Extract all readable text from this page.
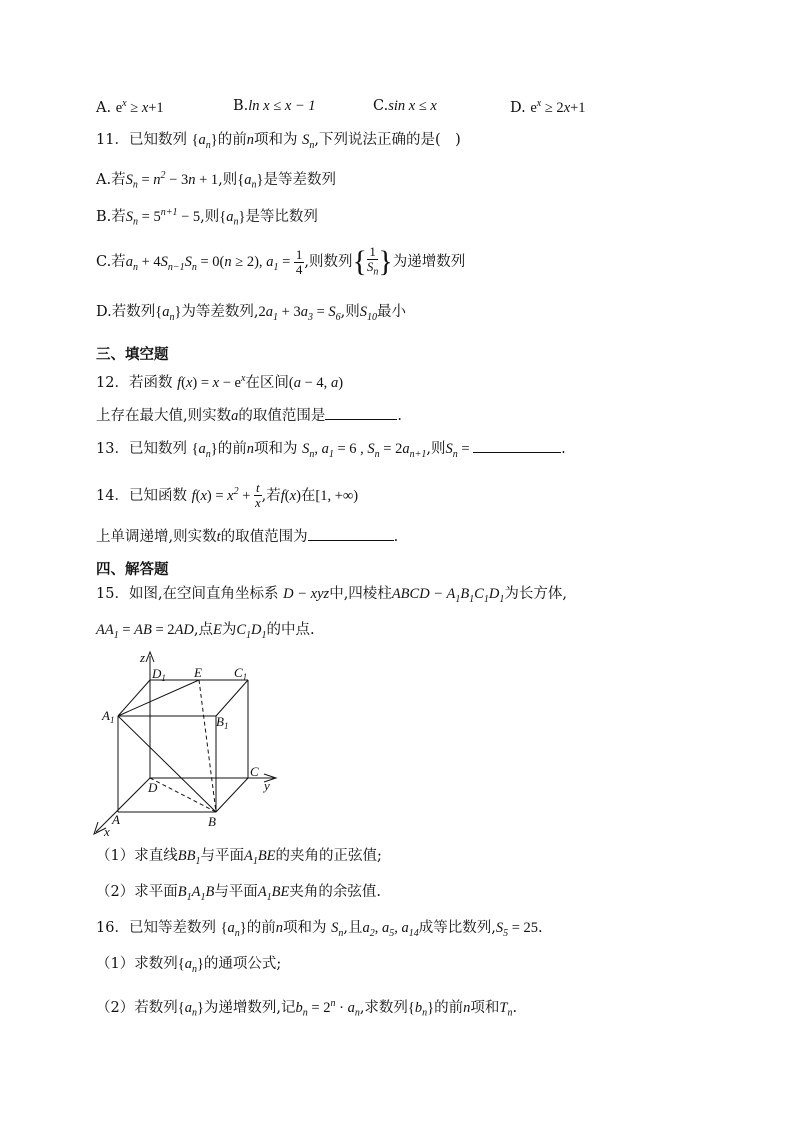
A. $e^x \ge x+1$	B.ln x ≤ x − 1	C.sin x ≤ x	D. $e^x \ge 2x+1$
11．已知数列 $\{a_n\}$的前n项和为 $S_n$,下列说法正确的是(　)
A.若$S_n = n^2 - 3n + 1$,则$\{a_n\}$是等差数列
B.若$S_n = 5^{n+1} - 5$,则$\{a_n\}$是等比数列
C.若$a_n + 4S_{n-1}S_n = 0(n \ge 2)$, $a_1 = \frac{1}{4}$ ,则数列{ $\frac{1}{S_n}$ }为递增数列
D.若数列$\{a_n\}$为等差数列$,2a_1 + 3a_3 = S_6$,则$S_{10}$最小
三、填空题
12．若函数 $f(x) = x - e^x$在区间(a − 4, a)
上存在最大值,则实数a的取值范围是	.
13．已知数列 $\{a_n\}$的前n项和为 $S_n$, $a_1 = 6$ , $S_n = 2a_{n+1}$,则$S_n$ =	.
14．已知函数 $f(x) = x^2 + \frac{t}{x}$ ,若f(x)在[1, +∞)
上单调递增,则实数t的取值范围为	.
四、解答题
15．如图,在空间直角坐标系 D − xyz中,四棱柱ABCD − $A_1B_1C_1D_1$为长方体,
$AA_1$ = AB = 2AD,点E为$C_1D_1$的中点.
z
$D_1$ E $C_1$
$A_1$	$B_1$
C
y
D
A	B
x
（1）求直线$BB_1$与平面$A_1BE$的夹角的正弦值;
（2）求平面$B_1A_1B$与平面$A_1BE$夹角的余弦值.
16．已知等差数列 $\{a_n\}$的前n项和为 $S_n$,且$a_2$, $a_5$, $a_{14}$成等比数列$,S_5 = 25$.
（1）求数列$\{a_n\}$的通项公式;
（2）若数列$\{a_n\}$为递增数列,记$b_n = 2^n \cdot a_n$,求数列$\{b_n\}$的前n项和$T_n$.
